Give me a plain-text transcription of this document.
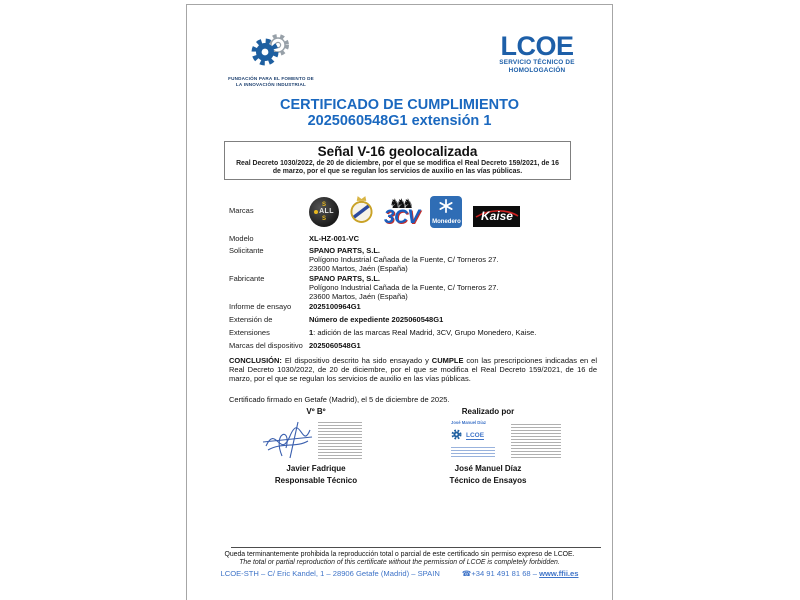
FUNDACIÓN PARA EL FOMENTO DE
LA INNOVACIÓN INDUSTRIAL
LCOE
SERVICIO TÉCNICO DE
HOMOLOGACIÓN
CERTIFICADO DE CUMPLIMIENTO
2025060548G1 extensión 1
Señal V-16 geolocalizada
Real Decreto 1030/2022, de 20 de diciembre, por el que se modifica el Real Decreto 159/2021, de 16 de marzo, por el que se regulan los servicios de auxilio en las vías públicas.
Marcas
S
ALL
S
♞♞♞
3CV Monedero Kaise
Modelo	XL-HZ-001-VC
Solicitante	SPANO PARTS, S.L.
Polígono Industrial Cañada de la Fuente, C/ Torneros 27.
23600 Martos, Jaén (España)
Fabricante	SPANO PARTS, S.L.
Polígono Industrial Cañada de la Fuente, C/ Torneros 27.
23600 Martos, Jaén (España)
Informe de ensayo	2025100964G1
Extensión de	Número de expediente 2025060548G1
Extensiones	1: adición de las marcas Real Madrid, 3CV, Grupo Monedero, Kaise.
Marcas del dispositivo 2025060548G1
CONCLUSIÓN: El dispositivo descrito ha sido ensayado y CUMPLE con las prescripciones indicadas en el Real Decreto 1030/2022, de 20 de diciembre, por el que se modifica el Real Decreto 159/2021, de 16 de marzo, por el que se regulan los servicios de auxilio en las vías públicas.
Certificado firmado en Getafe (Madrid), el 5 de diciembre de 2025.
Vº Bº
Javier Fadrique
Responsable Técnico
Realizado por
José Manuel Díaz
LCOE
José Manuel Díaz
Técnico de Ensayos
Queda terminantemente prohibida la reproducción total o parcial de este certificado sin permiso expreso de LCOE.
The total or partial reproduction of this certificate without the permission of LCOE is completely forbidden.
LCOE-STH – C/ Eric Kandel, 1 – 28906 Getafe (Madrid) – SPAIN	☎+34 91 491 81 68 – www.ffii.es
